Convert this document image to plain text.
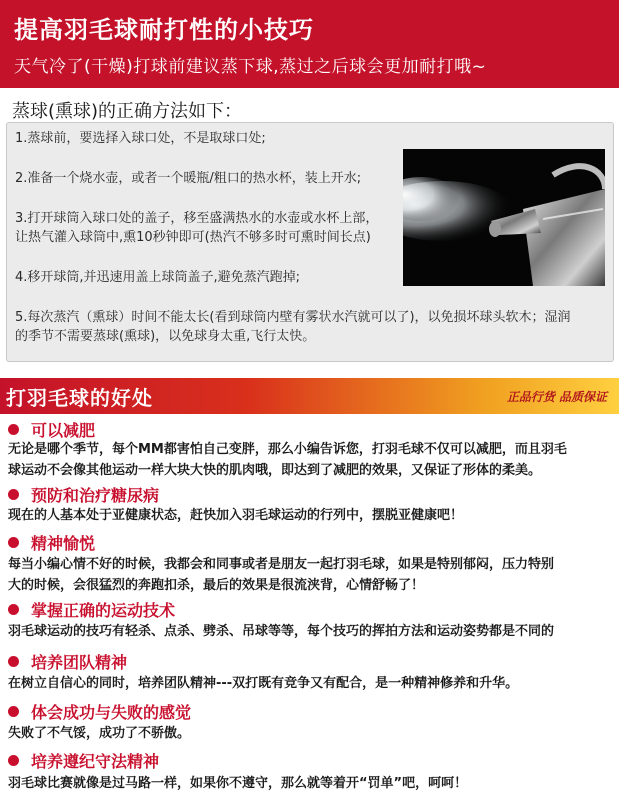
提高羽毛球耐打性的小技巧
天气冷了(干燥)打球前建议蒸下球,蒸过之后球会更加耐打哦~
蒸球(熏球)的正确方法如下：
1.蒸球前，要选择入球口处，不是取球口处;
2.准备一个烧水壶，或者一个暖瓶/粗口的热水杯，装上开水;
3.打开球筒入球口处的盖子，移至盛满热水的水壶或水杯上部，
让热气灌入球筒中,熏10秒钟即可(热汽不够多时可熏时间长点)
4.移开球筒,并迅速用盖上球筒盖子,避免蒸汽跑掉;
5.每次蒸汽（熏球）时间不能太长(看到球筒内壁有雾状水汽就可以了)，以免损坏球头软木；湿润
的季节不需要蒸球(熏球)，以免球身太重,飞行太快。
打羽毛球的好处	正品行货 品质保证
可以减肥
无论是哪个季节，每个MM都害怕自己变胖，那么小编告诉您，打羽毛球不仅可以减肥，而且羽毛
球运动不会像其他运动一样大块大快的肌肉哦，即达到了减肥的效果，又保证了形体的柔美。
预防和治疗糖尿病
现在的人基本处于亚健康状态，赶快加入羽毛球运动的行列中，摆脱亚健康吧！
精神愉悦
每当小编心情不好的时候，我都会和同事或者是朋友一起打羽毛球，如果是特别郁闷，压力特别
大的时候，会很猛烈的奔跑扣杀，最后的效果是很流浃背，心情舒畅了！
掌握正确的运动技术
羽毛球运动的技巧有轻杀、点杀、劈杀、吊球等等，每个技巧的挥拍方法和运动姿势都是不同的
培养团队精神
在树立自信心的同时，培养团队精神---双打既有竞争又有配合，是一种精神修养和升华。
体会成功与失败的感觉
失败了不气馁，成功了不骄傲。
培养遵纪守法精神
羽毛球比赛就像是过马路一样，如果你不遵守，那么就等着开“罚单”吧，呵呵！
